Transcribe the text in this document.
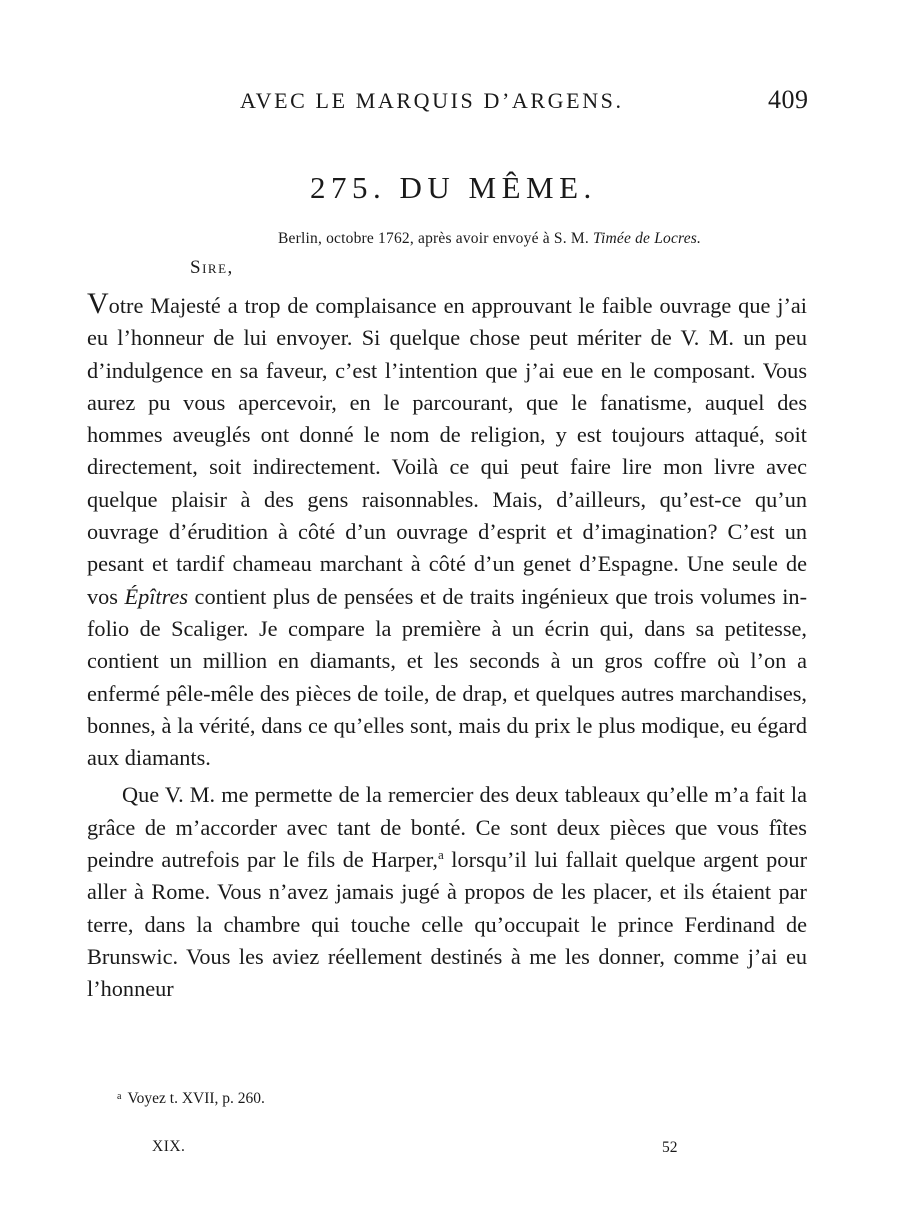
AVEC LE MARQUIS D’ARGENS.	409
275. DU MÊME.
Berlin, octobre 1762, après avoir envoyé à S. M. Timée de Locres.
Sire,

Votre Majesté a trop de complaisance en approuvant le faible ouvrage que j’ai eu l’honneur de lui envoyer. Si quelque chose peut mériter de V. M. un peu d’indulgence en sa faveur, c’est l’intention que j’ai eue en le composant. Vous aurez pu vous apercevoir, en le parcourant, que le fanatisme, auquel des hommes aveuglés ont donné le nom de religion, y est toujours attaqué, soit directement, soit indirectement. Voilà ce qui peut faire lire mon livre avec quelque plaisir à des gens raisonnables. Mais, d’ailleurs, qu’est-ce qu’un ouvrage d’érudition à côté d’un ouvrage d’esprit et d’imagination? C’est un pesant et tardif chameau marchant à côté d’un genet d’Espagne. Une seule de vos Épîtres contient plus de pensées et de traits ingénieux que trois volumes in-folio de Scaliger. Je compare la première à un écrin qui, dans sa petitesse, contient un million en diamants, et les seconds à un gros coffre où l’on a enfermé pêle-mêle des pièces de toile, de drap, et quelques autres marchandises, bonnes, à la vérité, dans ce qu’elles sont, mais du prix le plus modique, eu égard aux diamants.

Que V. M. me permette de la remercier des deux tableaux qu’elle m’a fait la grâce de m’accorder avec tant de bonté. Ce sont deux pièces que vous fîtes peindre autrefois par le fils de Harper,$^a$ lorsqu’il lui fallait quelque argent pour aller à Rome. Vous n’avez jamais jugé à propos de les placer, et ils étaient par terre, dans la chambre qui touche celle qu’occupait le prince Ferdinand de Brunswic. Vous les aviez réellement destinés à me les donner, comme j’ai eu l’honneur

$^a$ Voyez t. XVII, p. 260.
XIX.	52
